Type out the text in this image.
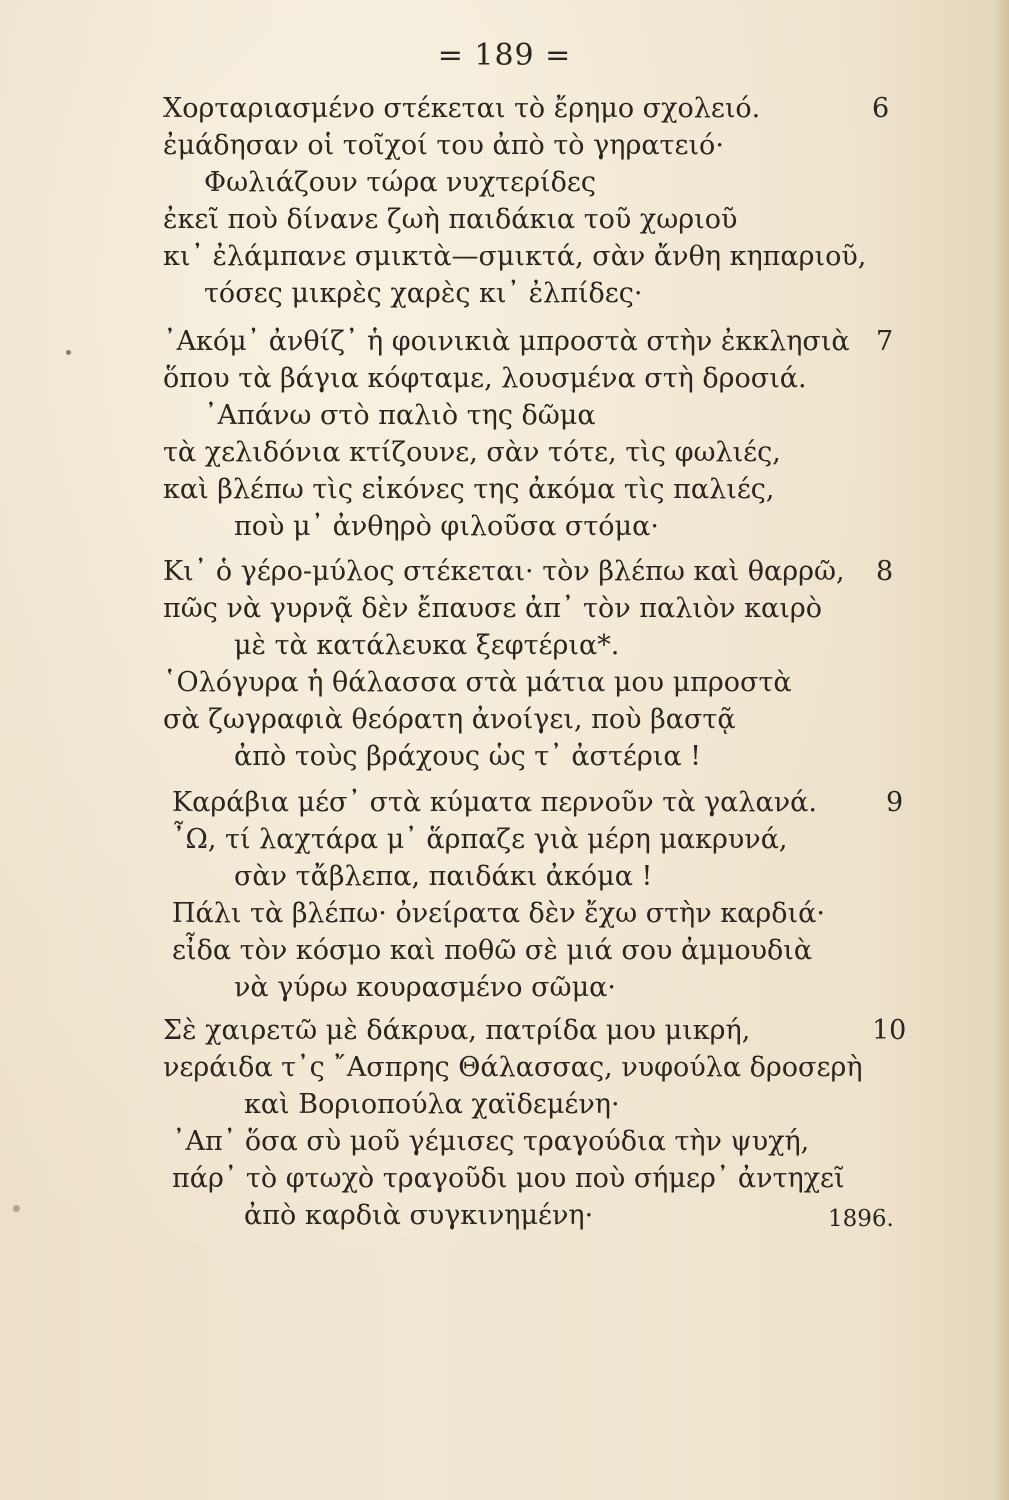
= 189 =
6
Χορταριασμένο στέκεται τὸ ἔρημο σχολειό.
ἐμάδησαν οἱ τοῖχοί του ἀπὸ τὸ γηρατειό·
Φωλιάζουν τώρα νυχτερίδες
ἐκεῖ ποὺ δίνανε ζωὴ παιδάκια τοῦ χωριοῦ
κι᾽ ἐλάμπανε σμικτὰ—σμικτά, σὰν ἄνθη κηπαριοῦ,
τόσες μικρὲς χαρὲς κι᾽ ἐλπίδες·
7
᾽Ακόμ᾽ ἀνθίζ᾽ ἡ φοινικιὰ μπροστὰ στὴν ἐκκλησιὰ
ὅπου τὰ βάγια κόφταμε, λουσμένα στὴ δροσιά.
᾽Απάνω στὸ παλιὸ της δῶμα
τὰ χελιδόνια κτίζουνε, σὰν τότε, τὶς φωλιές,
καὶ βλέπω τὶς εἰκόνες της ἀκόμα τὶς παλιές,
ποὺ μ᾽ ἀνθηρὸ φιλοῦσα στόμα·
8
Κι᾽ ὁ γέρο-μύλος στέκεται· τὸν βλέπω καὶ θαρρῶ,
πῶς νὰ γυρνᾷ δὲν ἔπαυσε ἀπ᾽ τὸν παλιὸν καιρὸ
μὲ τὰ κατάλευκα ξεφτέρια*.
῾Ολόγυρα ἡ θάλασσα στὰ μάτια μου μπροστὰ
σὰ ζωγραφιὰ θεόρατη ἀνοίγει, ποὺ βαστᾷ
ἀπὸ τοὺς βράχους ὡς τ᾽ ἀστέρια !
9
Καράβια μέσ᾽ στὰ κύματα περνοῦν τὰ γαλανά.
῏Ω, τί λαχτάρα μ᾽ ἅρπαζε γιὰ μέρη μακρυνά,
σὰν τἄβλεπα, παιδάκι ἀκόμα !
Πάλι τὰ βλέπω· ὀνείρατα δὲν ἔχω στὴν καρδιά·
εἶδα τὸν κόσμο καὶ ποθῶ σὲ μιά σου ἀμμουδιὰ
νὰ γύρω κουρασμένο σῶμα·
10
Σὲ χαιρετῶ μὲ δάκρυα, πατρίδα μου μικρή,
νεράιδα τ᾽ς ῎Ασπρης Θάλασσας, νυφούλα δροσερὴ
καὶ Βοριοπούλα χαϊδεμένη·
᾽Απ᾽ ὅσα σὺ μοῦ γέμισες τραγούδια τὴν ψυχή,
πάρ᾽ τὸ φτωχὸ τραγοῦδι μου ποὺ σήμερ᾽ ἀντηχεῖ
ἀπὸ καρδιὰ συγκινημένη·	1896.
